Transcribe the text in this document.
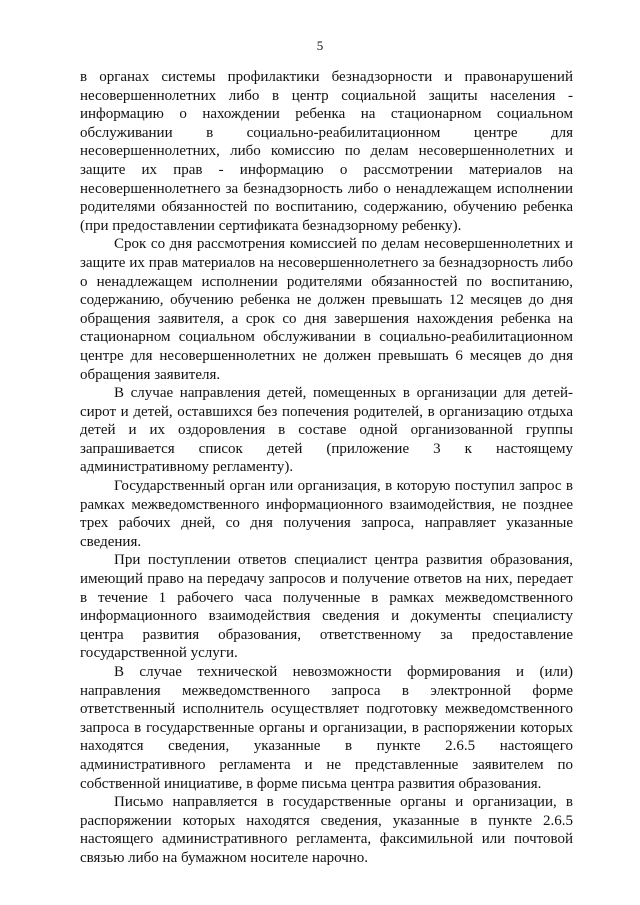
5

в органах системы профилактики безнадзорности и правонарушений несовершеннолетних либо в центр социальной защиты населения - информацию о нахождении ребенка на стационарном социальном обслуживании в социально-реабилитационном центре для несовершеннолетних, либо комиссию по делам несовершеннолетних и защите их прав - информацию о рассмотрении материалов на несовершеннолетнего за безнадзорность либо о ненадлежащем исполнении родителями обязанностей по воспитанию, содержанию, обучению ребенка (при предоставлении сертификата безнадзорному ребенку).

Срок со дня рассмотрения комиссией по делам несовершеннолетних и защите их прав материалов на несовершеннолетнего за безнадзорность либо о ненадлежащем исполнении родителями обязанностей по воспитанию, содержанию, обучению ребенка не должен превышать 12 месяцев до дня обращения заявителя, а срок со дня завершения нахождения ребенка на стационарном социальном обслуживании в социально-реабилитационном центре для несовершеннолетних не должен превышать 6 месяцев до дня обращения заявителя.

В случае направления детей, помещенных в организации для детей-сирот и детей, оставшихся без попечения родителей, в организацию отдыха детей и их оздоровления в составе одной организованной группы запрашивается список детей (приложение 3 к настоящему административному регламенту).

Государственный орган или организация, в которую поступил запрос в рамках межведомственного информационного взаимодействия, не позднее трех рабочих дней, со дня получения запроса, направляет указанные сведения.

При поступлении ответов специалист центра развития образования, имеющий право на передачу запросов и получение ответов на них, передает в течение 1 рабочего часа полученные в рамках межведомственного информационного взаимодействия сведения и документы специалисту центра развития образования, ответственному за предоставление государственной услуги.

В случае технической невозможности формирования и (или) направления межведомственного запроса в электронной форме ответственный исполнитель осуществляет подготовку межведомственного запроса в государственные органы и организации, в распоряжении которых находятся сведения, указанные в пункте 2.6.5 настоящего административного регламента и не представленные заявителем по собственной инициативе, в форме письма центра развития образования.

Письмо направляется в государственные органы и организации, в распоряжении которых находятся сведения, указанные в пункте 2.6.5 настоящего административного регламента, факсимильной или почтовой связью либо на бумажном носителе нарочно.
